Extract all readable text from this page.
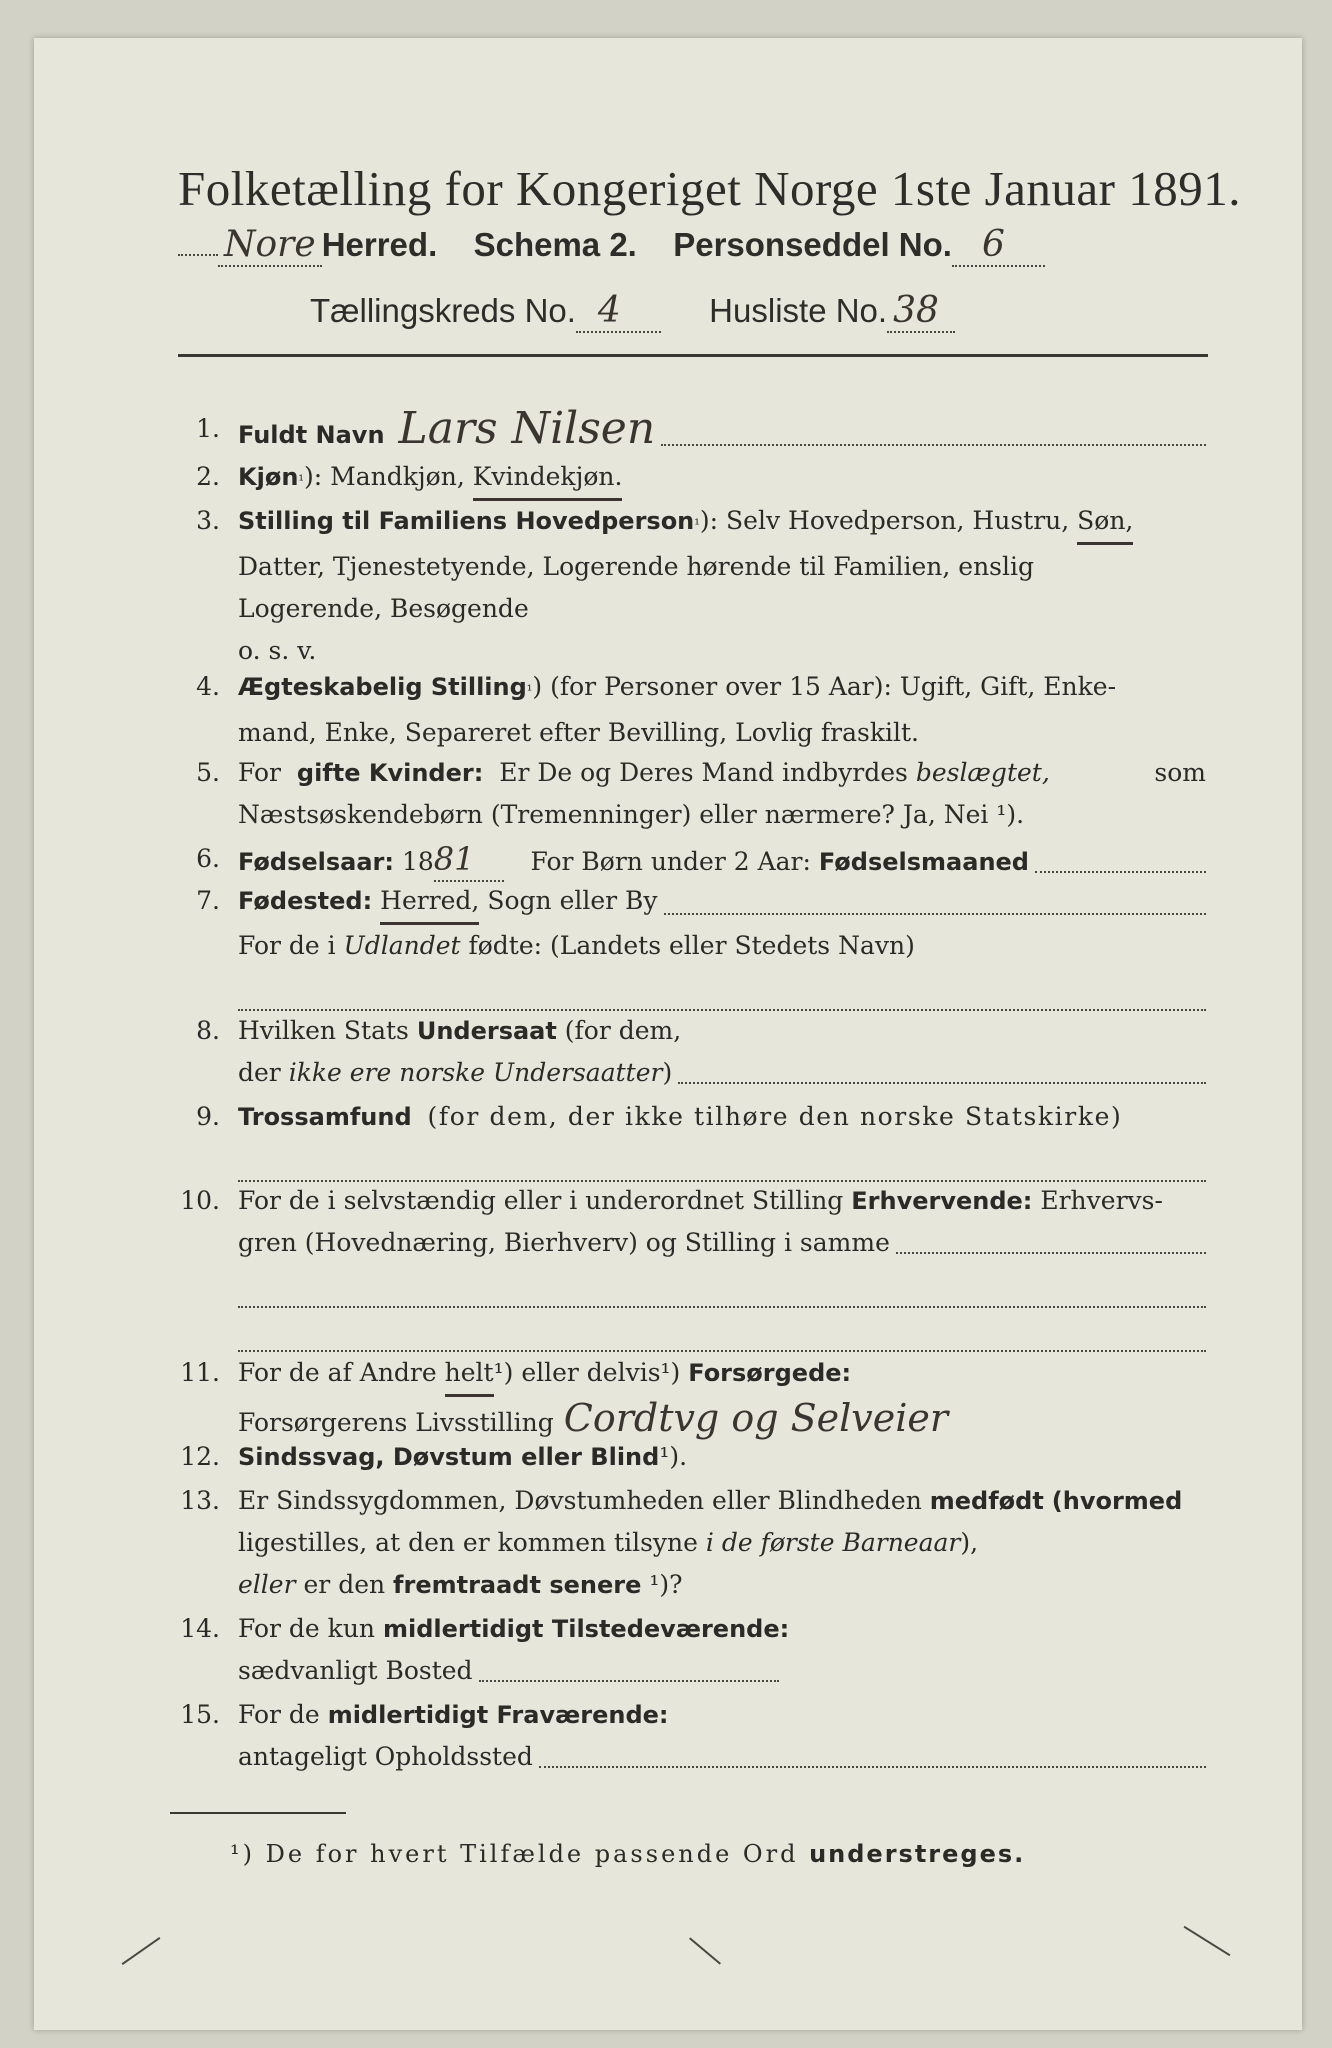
Folketælling for Kongeriget Norge 1ste Januar 1891.
Nore Herred. Schema 2. Personseddel No. 6
Tællingskreds No. 4	Husliste No. 38
1. Fuldt Navn Lars Nilsen
2. Kjøn ¹ ): Mandkjøn,
Kvindekjøn.
3. Stilling til Familiens Hovedperson ¹ ): Selv Hovedperson, Hustru,
Søn,
Datter, Tjenestetyende, Logerende hørende til Familien, enslig
Logerende, Besøgende
o. s. v.
4. Ægteskabelig Stilling ¹ ) (for Personer over 15 Aar): Ugift, Gift, Enke-
mand, Enke, Separeret efter Bevilling, Lovlig fraskilt.
5. For gifte Kvinder: Er De og Deres Mand indbyrdes beslægtet,	som
Næstsøskendebørn (Tremenninger) eller nærmere? Ja, Nei ¹).
6. Fødselsaar:
18 81	For Børn under 2 Aar:
Fødselsmaaned
7. Fødested:
Herred,
Sogn eller By
For de i
Udlandet
fødte: (Landets eller Stedets Navn)
8. Hvilken Stats
Undersaat
(for dem,
der
ikke ere norske Undersaatter )
9. Trossamfund
(for dem, der ikke tilhøre den norske Statskirke)
10. For de i selvstændig eller i underordnet Stilling
Erhvervende:
Erhvervs-
gren (Hovednæring, Bierhverv) og Stilling i samme
11. For de af Andre
helt ¹) eller delvis¹)
Forsørgede:
Forsørgerens Livsstilling Cordtvg og Selveier
12. Sindssvag, Døvstum eller Blind ¹).
13. Er Sindssygdommen, Døvstumheden eller Blindheden
medfødt
(hvormed
ligestilles, at den er kommen tilsyne
i de første Barneaar ),
eller
er den
fremtraadt senere
¹)?
14. For de kun
midlertidigt Tilstedeværende:
sædvanligt Bosted
15. For de
midlertidigt Fraværende:
antageligt Opholdssted
¹) De for hvert Tilfælde passende Ord understreges.
